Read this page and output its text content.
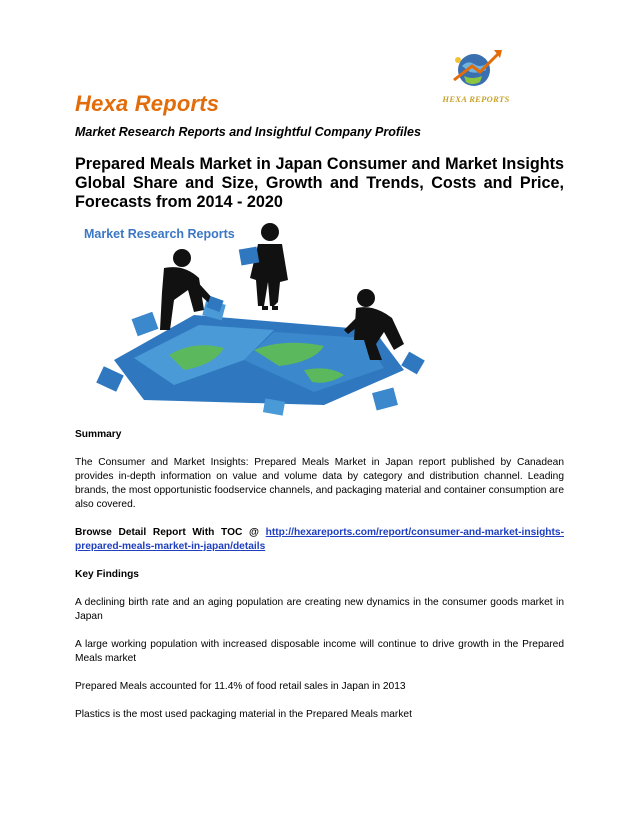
HEXA REPORTS
Hexa Reports
Market Research Reports and Insightful Company Profiles
Prepared Meals Market in Japan Consumer and Market Insights Global Share and Size, Growth and Trends, Costs and Price, Forecasts from 2014 - 2020
Market Research Reports

Summary

The Consumer and Market Insights: Prepared Meals Market in Japan report published by Canadean provides in-depth information on value and volume data by category and distribution channel. Leading brands, the most opportunistic foodservice channels, and packaging material and container consumption are also covered.

Browse Detail Report With TOC @ http://hexareports.com/report/consumer-and-market-insights-prepared-meals-market-in-japan/details

Key Findings

A declining birth rate and an aging population are creating new dynamics in the consumer goods market in Japan

A large working population with increased disposable income will continue to drive growth in the Prepared Meals market

Prepared Meals accounted for 11.4% of food retail sales in Japan in 2013

Plastics is the most used packaging material in the Prepared Meals market
